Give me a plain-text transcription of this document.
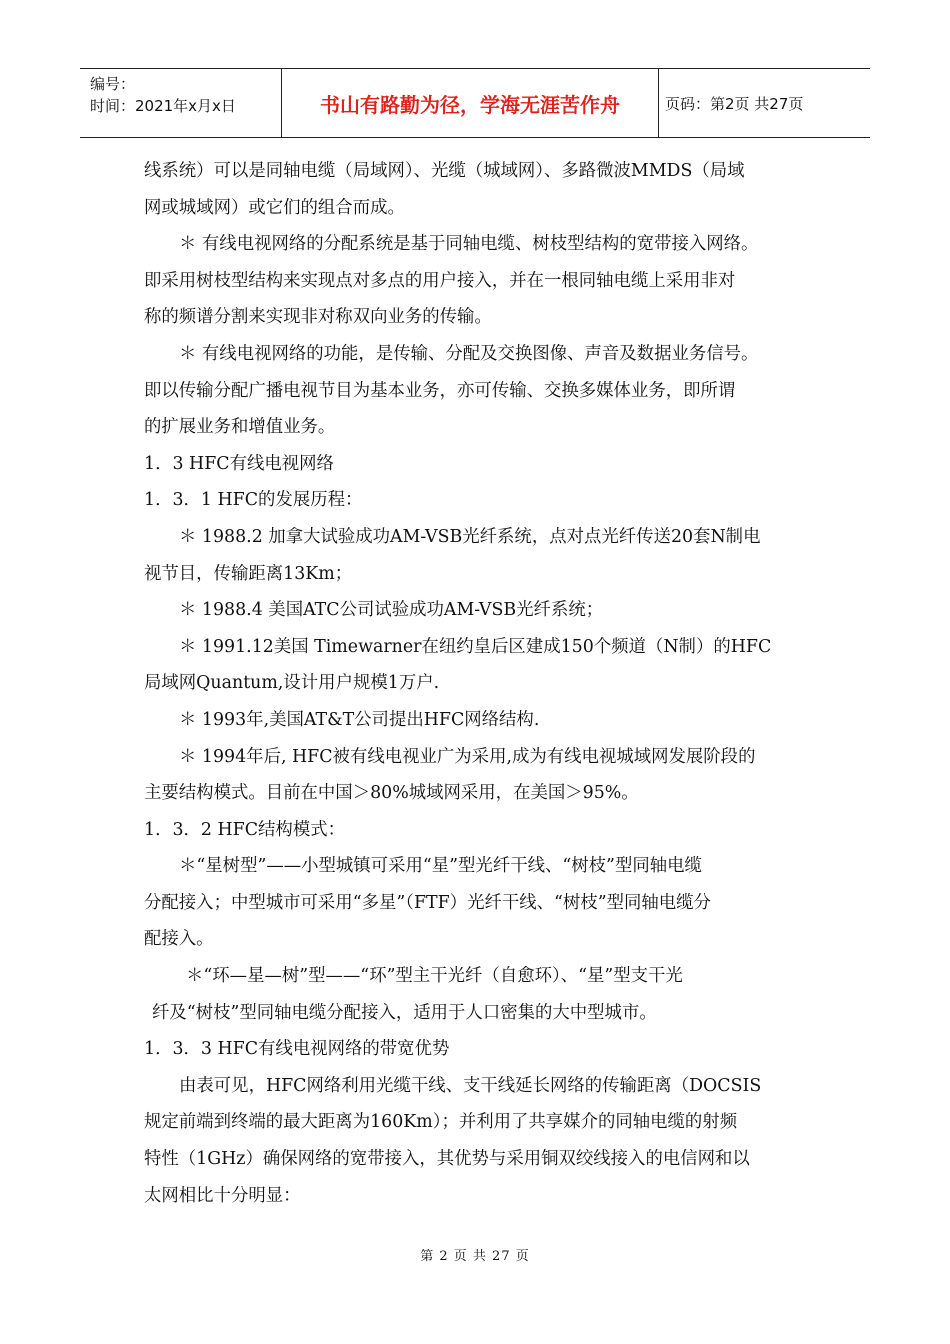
编号：
时间：2021年x月x日	书山有路勤为径，学海无涯苦作舟	页码：第2页 共27页

线系统）可以是同轴电缆（局域网）、光缆（城域网）、多路微波MMDS（局域

网或城域网）或它们的组合而成。

＊ 有线电视网络的分配系统是基于同轴电缆、树枝型结构的宽带接入网络。

即采用树枝型结构来实现点对多点的用户接入，并在一根同轴电缆上采用非对

称的频谱分割来实现非对称双向业务的传输。

＊ 有线电视网络的功能，是传输、分配及交换图像、声音及数据业务信号。

即以传输分配广播电视节目为基本业务，亦可传输、交换多媒体业务，即所谓

的扩展业务和增值业务。

1．3 HFC有线电视网络

1．3．1 HFC的发展历程：

＊ 1988.2 加拿大试验成功AM-VSB光纤系统，点对点光纤传送20套N制电

视节目，传输距离13Km；

＊ 1988.4 美国ATC公司试验成功AM-VSB光纤系统；

＊ 1991.12美国 Timewarner在纽约皇后区建成150个频道（N制）的HFC

局域网Quantum,设计用户规模1万户.

＊ 1993年,美国AT&T公司提出HFC网络结构.

＊ 1994年后, HFC被有线电视业广为采用,成为有线电视城域网发展阶段的

主要结构模式。目前在中国＞80%城域网采用，在美国＞95%。

1．3．2 HFC结构模式：

＊“星树型”——小型城镇可采用“星”型光纤干线、“树枝”型同轴电缆

分配接入；中型城市可采用“多星”（FTF）光纤干线、“树枝”型同轴电缆分

配接入。

＊“环—星—树”型——“环”型主干光纤（自愈环）、“星”型支干光

纤及“树枝”型同轴电缆分配接入，适用于人口密集的大中型城市。

1．3．3 HFC有线电视网络的带宽优势

由表可见，HFC网络利用光缆干线、支干线延长网络的传输距离（DOCSIS

规定前端到终端的最大距离为160Km）；并利用了共享媒介的同轴电缆的射频

特性（1GHz）确保网络的宽带接入，其优势与采用铜双绞线接入的电信网和以

太网相比十分明显：

第 2 页 共 27 页
